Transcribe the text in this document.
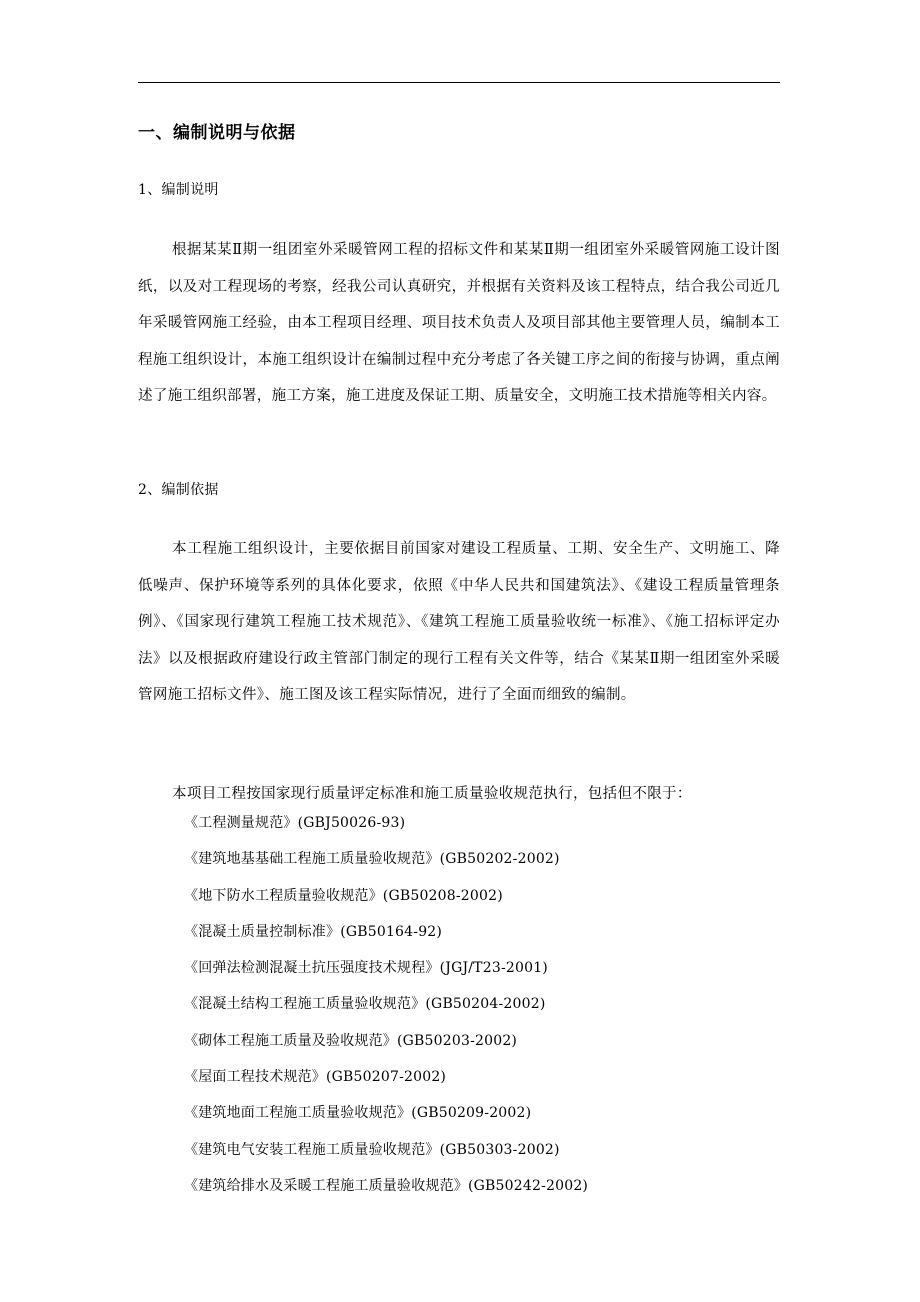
一、编制说明与依据
1、编制说明

根据某某Ⅱ期一组团室外采暖管网工程的招标文件和某某Ⅱ期一组团室外采暖管网施工设计图纸，以及对工程现场的考察，经我公司认真研究，并根据有关资料及该工程特点，结合我公司近几年采暖管网施工经验，由本工程项目经理、项目技术负责人及项目部其他主要管理人员，编制本工程施工组织设计，本施工组织设计在编制过程中充分考虑了各关键工序之间的衔接与协调，重点阐述了施工组织部署，施工方案，施工进度及保证工期、质量安全，文明施工技术措施等相关内容。

2、编制依据

本工程施工组织设计，主要依据目前国家对建设工程质量、工期、安全生产、文明施工、降低噪声、保护环境等系列的具体化要求，依照《中华人民共和国建筑法》、《建设工程质量管理条例》、《国家现行建筑工程施工技术规范》、《建筑工程施工质量验收统一标准》、《施工招标评定办法》以及根据政府建设行政主管部门制定的现行工程有关文件等，结合《某某Ⅱ期一组团室外采暖管网施工招标文件》、施工图及该工程实际情况，进行了全面而细致的编制。

本项目工程按国家现行质量评定标准和施工质量验收规范执行，包括但不限于：
《工程测量规范》(GBJ50026-93)
《建筑地基基础工程施工质量验收规范》(GB50202-2002)
《地下防水工程质量验收规范》(GB50208-2002)
《混凝土质量控制标准》(GB50164-92)
《回弹法检测混凝土抗压强度技术规程》(JGJ/T23-2001)
《混凝土结构工程施工质量验收规范》(GB50204-2002)
《砌体工程施工质量及验收规范》(GB50203-2002)
《屋面工程技术规范》(GB50207-2002)
《建筑地面工程施工质量验收规范》(GB50209-2002)
《建筑电气安装工程施工质量验收规范》(GB50303-2002)
《建筑给排水及采暖工程施工质量验收规范》(GB50242-2002)
